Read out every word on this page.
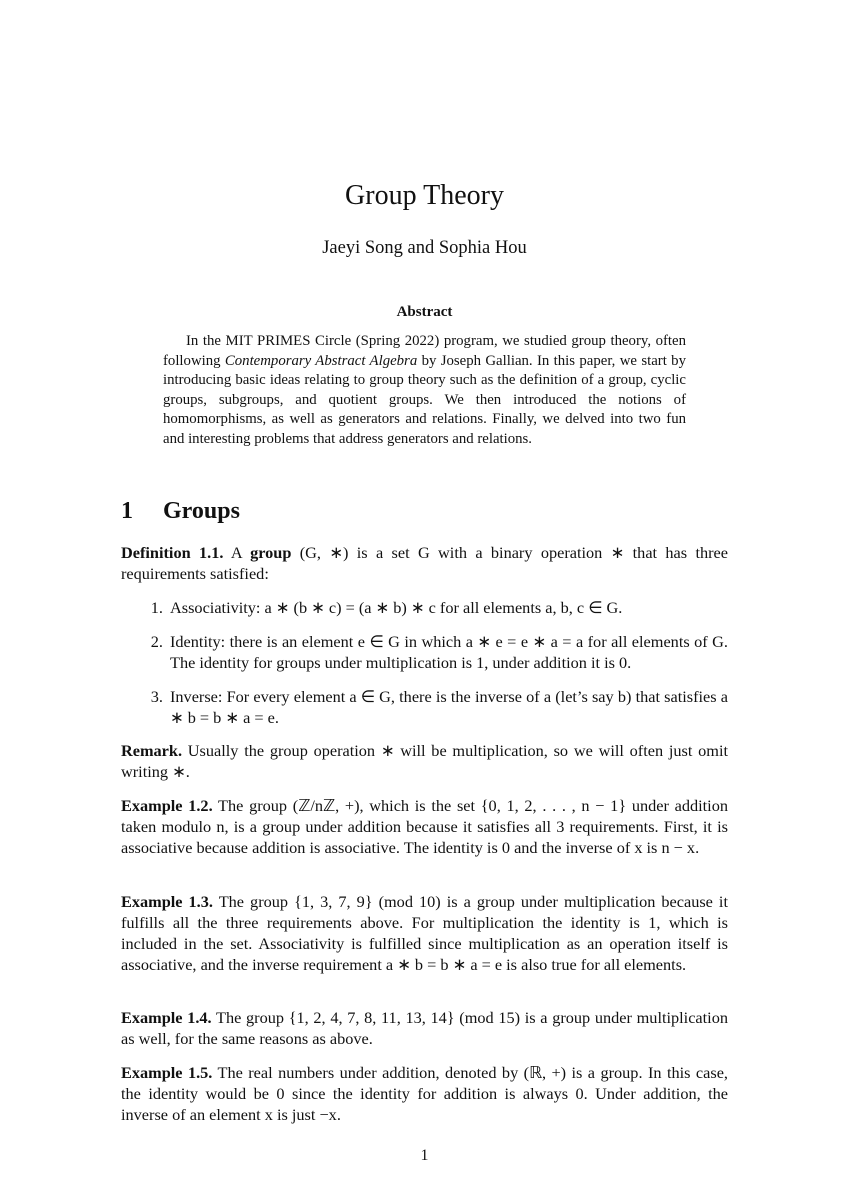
Group Theory

Jaeyi Song and Sophia Hou

Abstract

In the MIT PRIMES Circle (Spring 2022) program, we studied group theory, often following Contemporary Abstract Algebra by Joseph Gallian. In this paper, we start by introducing basic ideas relating to group theory such as the definition of a group, cyclic groups, subgroups, and quotient groups. We then introduced the notions of homomorphisms, as well as generators and relations. Finally, we delved into two fun and interesting problems that address generators and relations.

1 Groups

Definition 1.1. A group (G, ∗) is a set G with a binary operation ∗ that has three requirements satisfied:

1. Associativity: a ∗ (b ∗ c) = (a ∗ b) ∗ c for all elements a, b, c ∈ G.
2. Identity: there is an element e ∈ G in which a ∗ e = e ∗ a = a for all elements of G. The identity for groups under multiplication is 1, under addition it is 0.
3. Inverse: For every element a ∈ G, there is the inverse of a (let’s say b) that satisfies a ∗ b = b ∗ a = e.

Remark. Usually the group operation ∗ will be multiplication, so we will often just omit writing ∗.

Example 1.2. The group (ℤ/nℤ, +), which is the set {0, 1, 2, . . . , n − 1} under addition taken modulo n, is a group under addition because it satisfies all 3 requirements. First, it is associative because addition is associative. The identity is 0 and the inverse of x is n − x.

Example 1.3. The group {1, 3, 7, 9} (mod 10) is a group under multiplication because it fulfills all the three requirements above. For multiplication the identity is 1, which is included in the set. Associativity is fulfilled since multiplication as an operation itself is associative, and the inverse requirement a ∗ b = b ∗ a = e is also true for all elements.

Example 1.4. The group {1, 2, 4, 7, 8, 11, 13, 14} (mod 15) is a group under multiplication as well, for the same reasons as above.

Example 1.5. The real numbers under addition, denoted by (ℝ, +) is a group. In this case, the identity would be 0 since the identity for addition is always 0. Under addition, the inverse of an element x is just −x.

1
